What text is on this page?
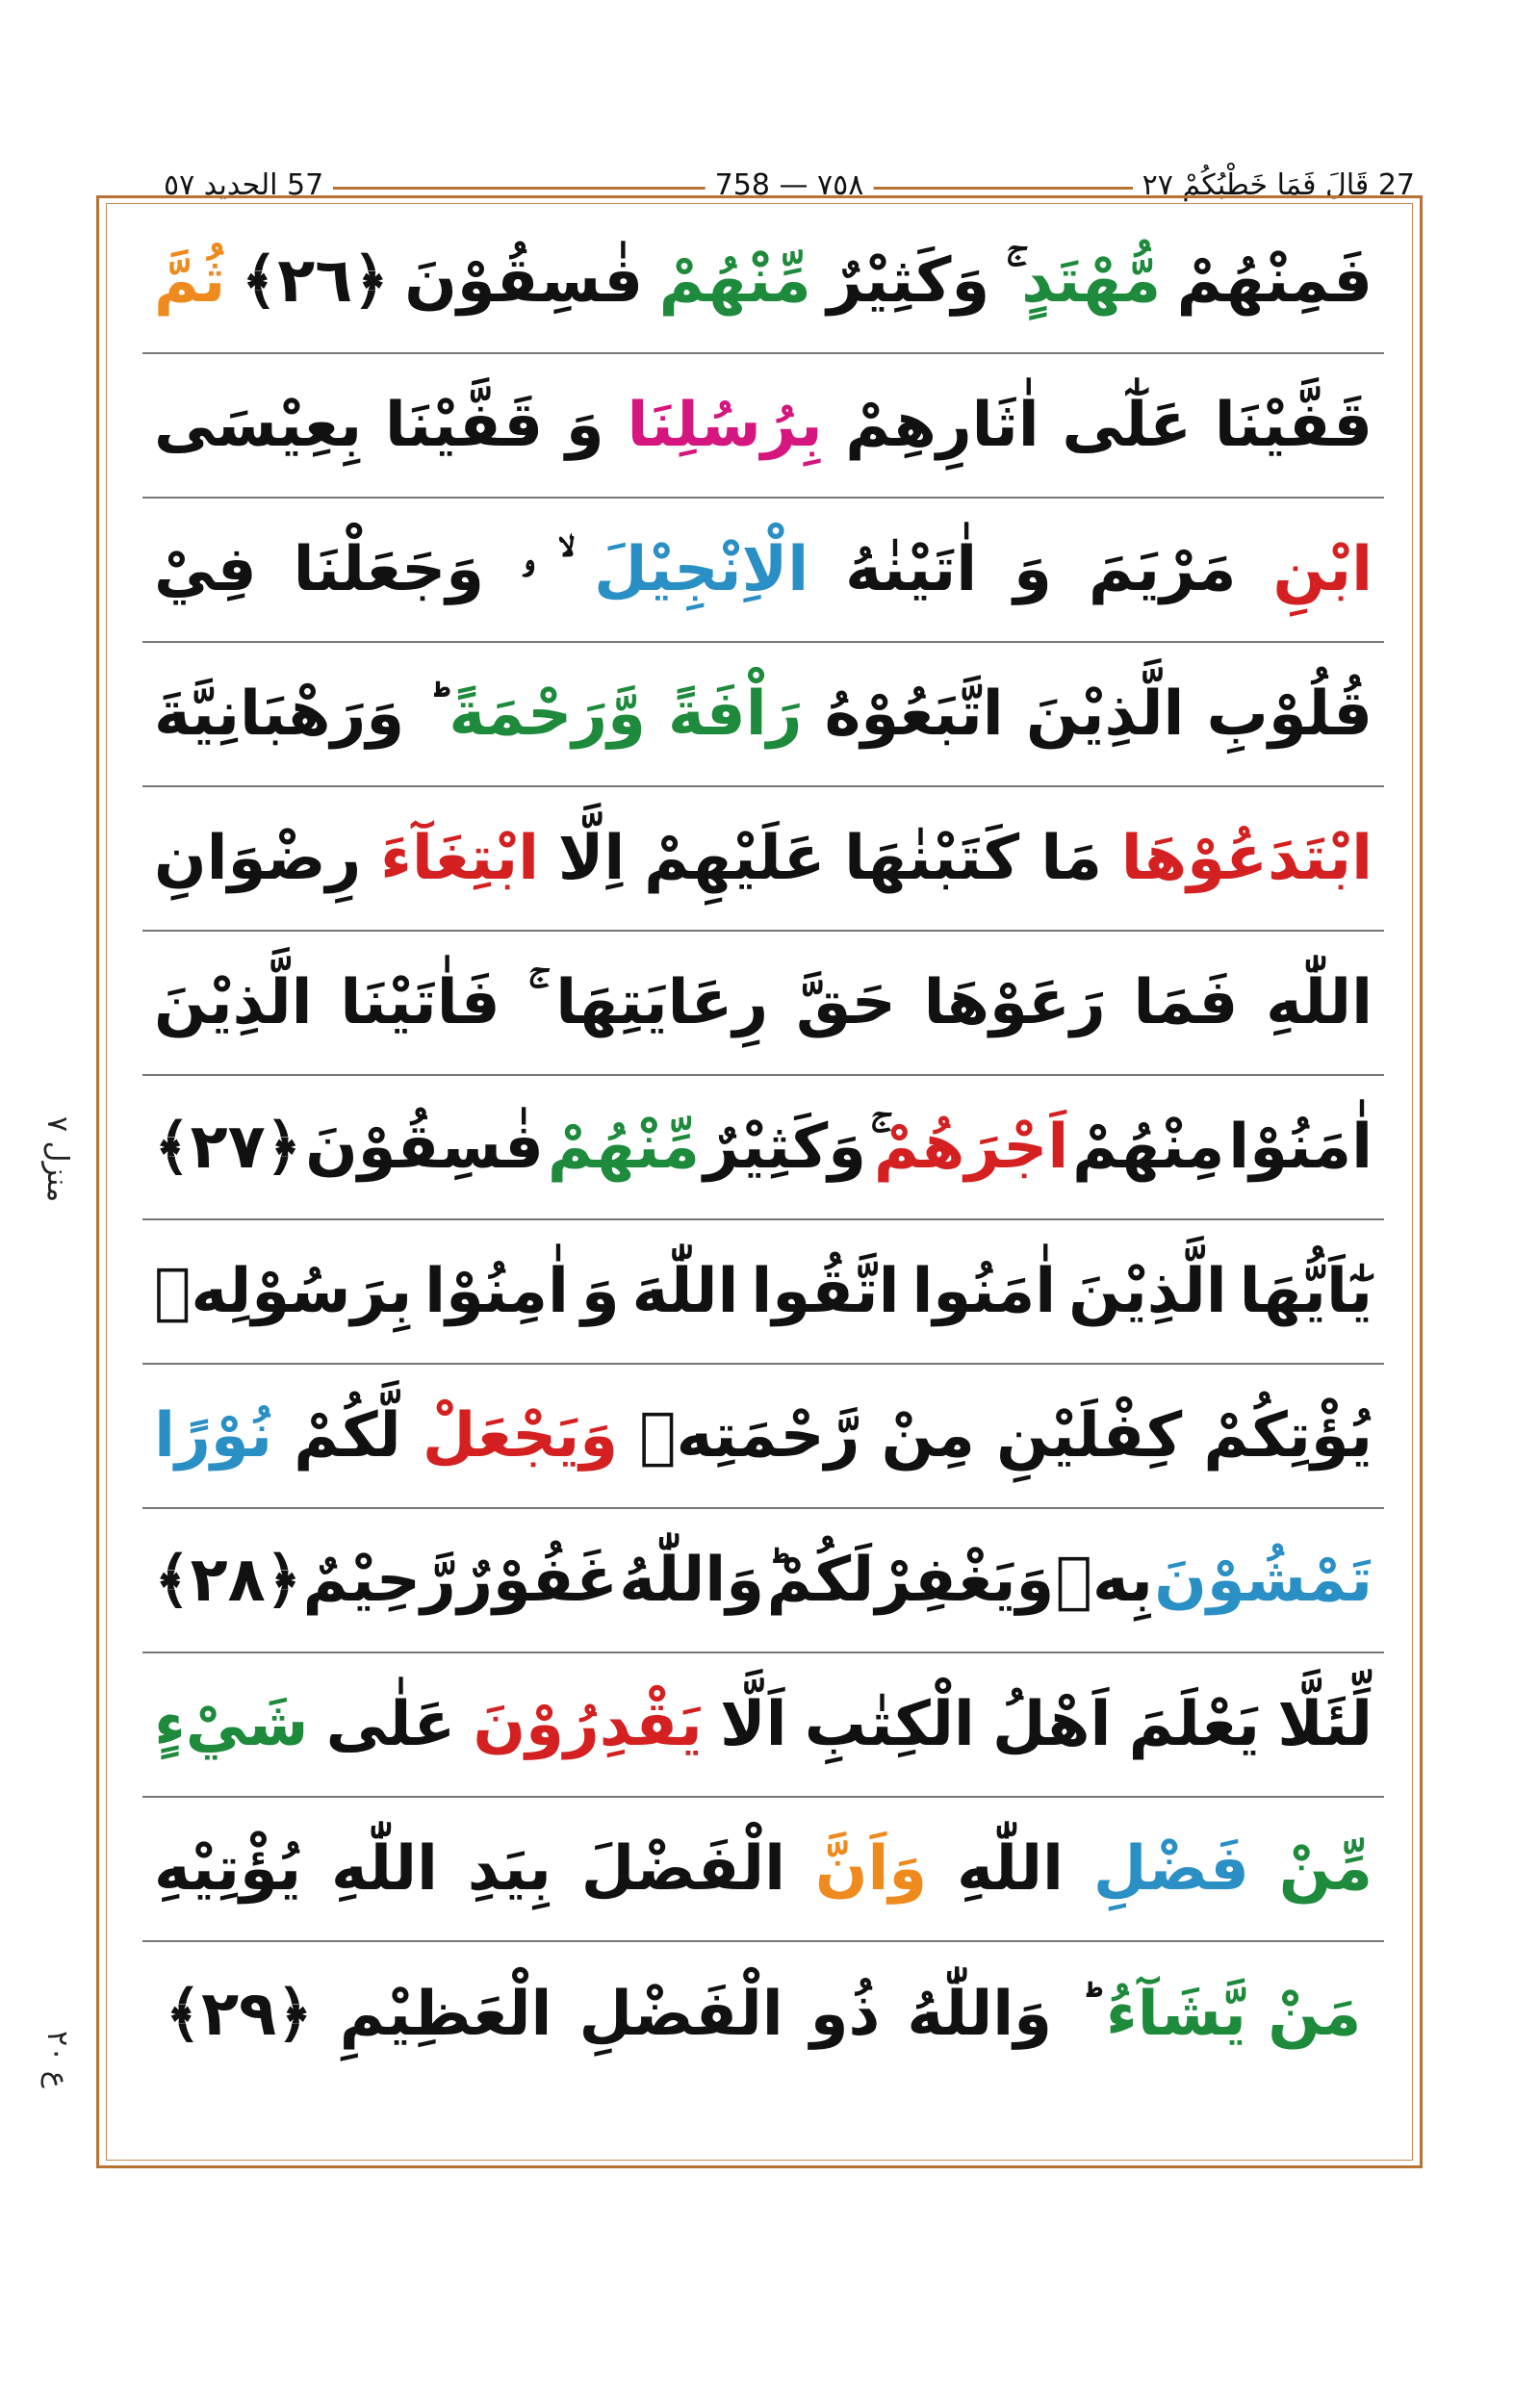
27 قَالَ فَمَا خَطْبُكُمْ ٢٧
٧٥٨ — 758
57 الحديد ٥٧
منزل ٧
ع ٢٠
فَمِنْهُمْ
مُّهْتَدٍ
وَكَثِيْرٌ
مِّنْهُمْ
فٰسِقُوْنَ
﴿٢٦﴾
ثُمَّ
قَفَّيْنَا
عَلٰٓى
اٰثَارِهِمْ
بِرُسُلِنَا
وَ
قَفَّيْنَا
بِعِيْسَى
ابْنِ
مَرْيَمَ
وَ
اٰتَيْنٰهُ
الْاِنْجِيْلَ
ۙ ۥ
وَجَعَلْنَا
فِيْ
قُلُوْبِ
الَّذِيْنَ
اتَّبَعُوْهُ
رَاْفَةً
وَّرَحْمَةً
وَرَهْبَانِيَّةَ
ابْتَدَعُوْهَا
مَا كَتَبْنٰهَا
عَلَيْهِمْ
اِلَّا
ابْتِغَآءَ
رِضْوَانِ
اللّٰهِ
فَمَا
رَعَوْهَا
حَقَّ
رِعَايَتِهَا
فَاٰتَيْنَا
الَّذِيْنَ
اٰمَنُوْا
مِنْهُمْ
اَجْرَهُمْ
وَكَثِيْرٌ
مِّنْهُمْ
فٰسِقُوْنَ
﴿٢٧﴾
يٰٓاَيُّهَا
الَّذِيْنَ
اٰمَنُوا
اتَّقُوا
اللّٰهَ
وَ
اٰمِنُوْا
بِرَسُوْلِهٖ
يُؤْتِكُمْ
كِفْلَيْنِ
مِنْ
رَّحْمَتِهٖ
وَيَجْعَلْ
لَّكُمْ
نُوْرًا
تَمْشُوْنَ
بِهٖ
وَيَغْفِرْ
لَكُمْ
وَاللّٰهُ
غَفُوْرٌ
رَّحِيْمٌ
﴿٢٨﴾
لِّئَلَّا
يَعْلَمَ
اَهْلُ
الْكِتٰبِ
اَلَّا
يَقْدِرُوْنَ
عَلٰى
شَيْءٍ
مِّنْ
فَضْلِ
اللّٰهِ
وَاَنَّ
الْفَضْلَ
بِيَدِ
اللّٰهِ
يُؤْتِيْهِ
مَنْ يَّشَآءُ
وَاللّٰهُ
ذُو
الْفَضْلِ
الْعَظِيْمِ
﴿٢٩﴾
